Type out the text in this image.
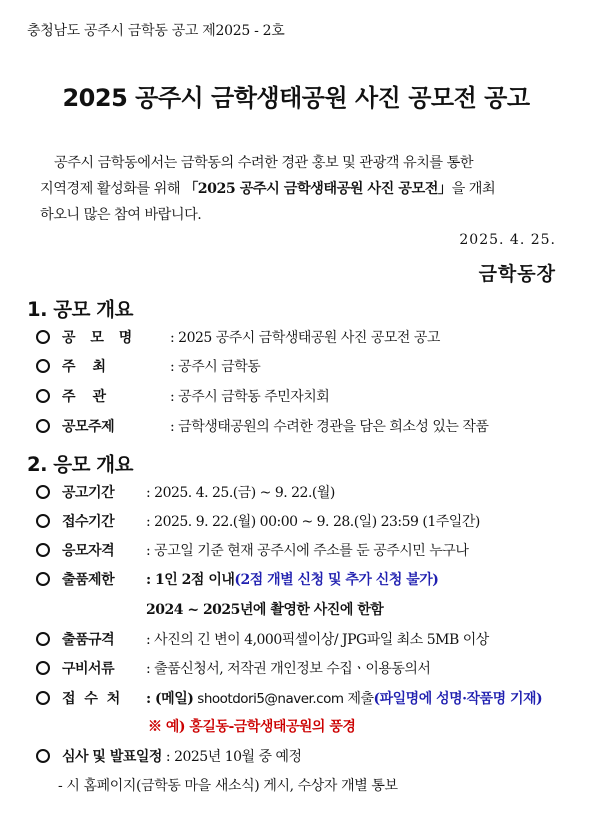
충청남도 공주시 금학동 공고 제2025 - 2호
2025 공주시 금학생태공원 사진 공모전 공고
공주시 금학동에서는 금학동의 수려한 경관 홍보 및 관광객 유치를 통한
지역경제 활성화를 위해 「2025 공주시 금학생태공원 사진 공모전」을 개최
하오니 많은 참여 바랍니다.
2025. 4. 25.
금학동장
1. 공모 개요
공 모 명 : 2025 공주시 금학생태공원 사진 공모전 공고
주    최	: 공주시 금학동
주    관	: 공주시 금학동 주민자치회
공모주제	: 금학생태공원의 수려한 경관을 담은 희소성 있는 작품
2. 응모 개요
공고기간 : 2025. 4. 25.(금) ~ 9. 22.(월)
접수기간 : 2025. 9. 22.(월) 00:00 ~ 9. 28.(일) 23:59 (1주일간)
응모자격 : 공고일 기준 현재 공주시에 주소를 둔 공주시민 누구나
출품제한 : 1인 2점 이내(2점 개별 신청 및 추가 신청 불가)
2024 ~ 2025년에 촬영한 사진에 한함
출품규격 : 사진의 긴 변이 4,000픽셀이상/ JPG파일 최소 5MB 이상
구비서류 : 출품신청서, 저작권 개인정보 수집ㆍ이용동의서
접 수 처 : (메일) shootdori5@naver.com 제출(파일명에 성명·작품명 기재)
※ 예) 홍길동-금학생태공원의 풍경
심사 및 발표일정 : 2025년 10월 중 예정
- 시 홈페이지(금학동 마을 새소식) 게시, 수상자 개별 통보
